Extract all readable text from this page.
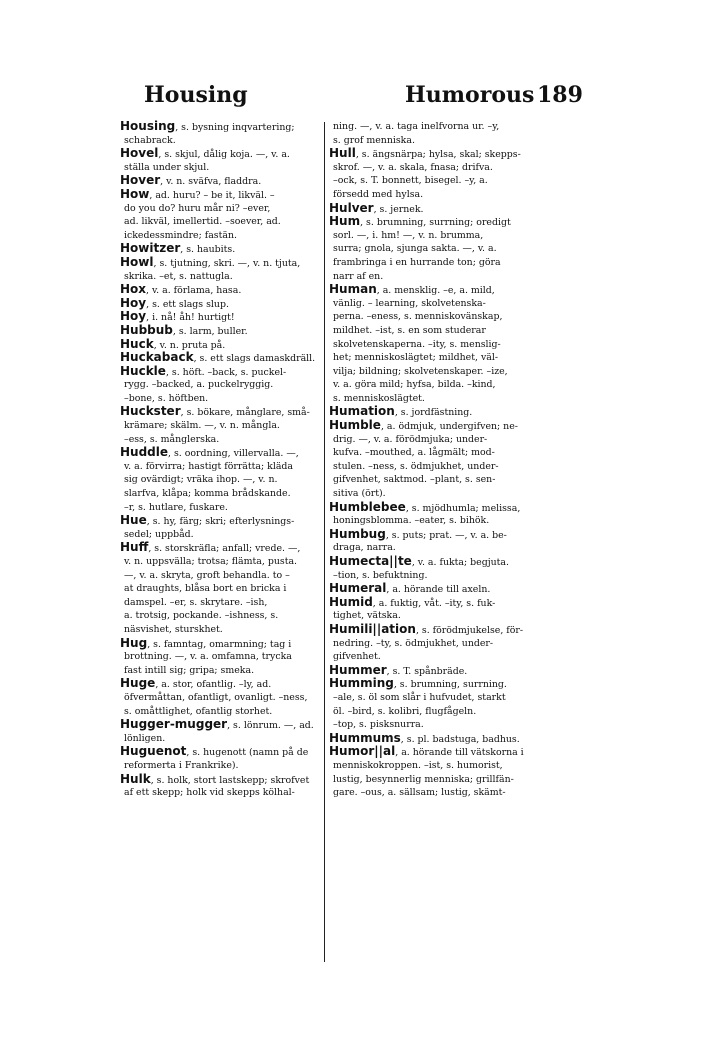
Housing	Humorous 189
Housing, s. bysning inqvartering;
schabrack.
Hovel, s. skjul, dålig koja. —, v. a.
ställa under skjul.
Hover, v. n. sväfva, fladdra.
How, ad. huru? – be it, likväl. –
do you do? huru mår ni? –ever,
ad. likväl, imellertid. –soever, ad.
ickedessmindre; fastän.
Howitzer, s. haubits.
Howl, s. tjutning, skri. —, v. n. tjuta,
skrika. –et, s. nattugla.
Hox, v. a. förlama, hasa.
Hoy, s. ett slags slup.
Hoy, i. nå! åh! hurtigt!
Hubbub, s. larm, buller.
Huck, v. n. pruta på.
Huckaback, s. ett slags damaskdräll.
Huckle, s. höft. –back, s. puckel-
rygg. –backed, a. puckelryggig.
–bone, s. höftben.
Huckster, s. bökare, månglare, små-
krämare; skälm. —, v. n. mångla.
–ess, s. månglerska.
Huddle, s. oordning, villervalla. —,
v. a. förvirra; hastigt förrätta; kläda
sig ovärdigt; vräka ihop. —, v. n.
slarfva, klåpa; komma brådskande.
–r, s. hutlare, fuskare.
Hue, s. hy, färg; skri; efterlysnings-
sedel; uppbåd.
Huff, s. storskräfla; anfall; vrede. —,
v. n. uppsvälla; trotsa; flämta, pusta.
—, v. a. skryta, groft behandla. to –
at draughts, blåsa bort en bricka i
damspel. –er, s. skrytare. –ish,
a. trotsig, pockande. –ishness, s.
näsvishet, sturskhet.
Hug, s. famntag, omarmning; tag i
brottning. —, v. a. omfamna, trycka
fast intill sig; gripa; smeka.
Huge, a. stor, ofantlig. –ly, ad.
öfvermåttan, ofantligt, ovanligt. –ness,
s. omåttlighet, ofantlig storhet.
Hugger-mugger, s. lönrum. —, ad.
lönligen.
Huguenot, s. hugenott (namn på de
reformerta i Frankrike).
Hulk, s. holk, stort lastskepp; skrofvet
af ett skepp; holk vid skepps kölhal-
ning. —, v. a. taga inelfvorna ur. –y,
s. grof menniska.
Hull, s. ängsnärpa; hylsa, skal; skepps-
skrof. —, v. a. skala, fnasa; drifva.
–ock, s. T. bonnett, bisegel. –y, a.
försedd med hylsa.
Hulver, s. jernek.
Hum, s. brumning, surrning; oredigt
sorl. —, i. hm! —, v. n. brumma,
surra; gnola, sjunga sakta. —, v. a.
frambringa i en hurrande ton; göra
narr af en.
Human, a. mensklig. –e, a. mild,
vänlig. – learning, skolvetenska-
perna. –eness, s. menniskovänskap,
mildhet. –ist, s. en som studerar
skolvetenskaperna. –ity, s. menslig-
het; menniskoslägtet; mildhet, väl-
vilja; bildning; skolvetenskaper. –ize,
v. a. göra mild; hyfsa, bilda. –kind,
s. menniskoslägtet.
Humation, s. jordfästning.
Humble, a. ödmjuk, undergifven; ne-
drig. —, v. a. förödmjuka; under-
kufva. –mouthed, a. lågmält; mod-
stulen. –ness, s. ödmjukhet, under-
gifvenhet, saktmod. –plant, s. sen-
sitiva (ört).
Humblebee, s. mjödhumla; melissa,
honingsblomma. –eater, s. bihök.
Humbug, s. puts; prat. —, v. a. be-
draga, narra.
Humecta||te, v. a. fukta; begjuta.
–tion, s. befuktning.
Humeral, a. hörande till axeln.
Humid, a. fuktig, våt. –ity, s. fuk-
tighet, vätska.
Humili||ation, s. förödmjukelse, för-
nedring. –ty, s. ödmjukhet, under-
gifvenhet.
Hummer, s. T. spånbräde.
Humming, s. brumning, surrning.
–ale, s. öl som slår i hufvudet, starkt
öl. –bird, s. kolibri, flugfågeln.
–top, s. pisksnurra.
Hummums, s. pl. badstuga, badhus.
Humor||al, a. hörande till vätskorna i
menniskokroppen. –ist, s. humorist,
lustig, besynnerlig menniska; grillfän-
gare. –ous, a. sällsam; lustig, skämt-
